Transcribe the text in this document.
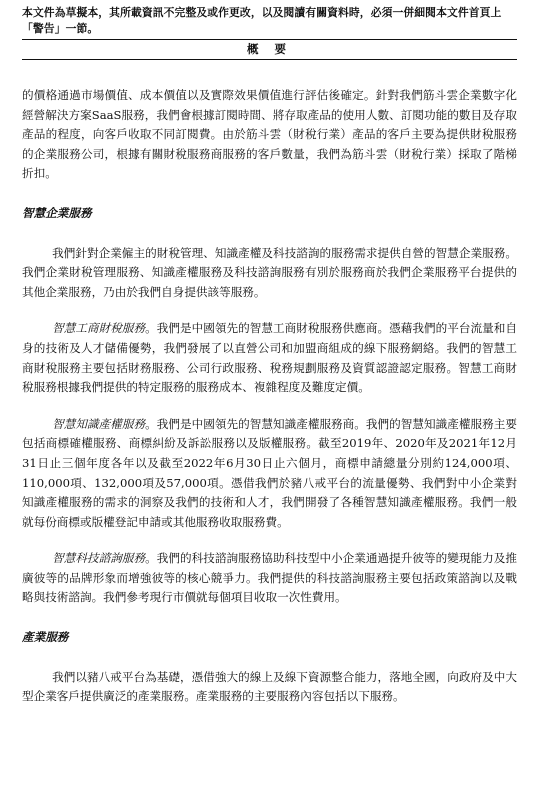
本文件為草擬本，其所載資訊不完整及或作更改，以及閱讀有關資料時，必須一併細閱本文件首頁上「警告」一節。
概 要

的價格通過市場價值、成本價值以及實際效果價值進行評估後確定。針對我們筋斗雲企業數字化經營解決方案SaaS服務，我們會根據訂閱時間、將存取產品的使用人數、訂閱功能的數目及存取產品的程度，向客戶收取不同訂閱費。由於筋斗雲（財稅行業）產品的客戶主要為提供財稅服務的企業服務公司，根據有關財稅服務商服務的客戶數量，我們為筋斗雲（財稅行業）採取了階梯折扣。

智慧企業服務

我們針對企業僱主的財稅管理、知識產權及科技諮詢的服務需求提供自營的智慧企業服務。我們企業財稅管理服務、知識產權服務及科技諮詢服務有別於服務商於我們企業服務平台提供的其他企業服務，乃由於我們自身提供該等服務。

智慧工商財稅服務。我們是中國領先的智慧工商財稅服務供應商。憑藉我們的平台流量和自身的技術及人才儲備優勢，我們發展了以直營公司和加盟商組成的線下服務網絡。我們的智慧工商財稅服務主要包括財務服務、公司行政服務、稅務規劃服務及資質認證認定服務。智慧工商財稅服務根據我們提供的特定服務的服務成本、複雜程度及難度定價。

智慧知識產權服務。我們是中國領先的智慧知識產權服務商。我們的智慧知識產權服務主要包括商標確權服務、商標糾紛及訴訟服務以及版權服務。截至2019年、2020年及2021年12月31日止三個年度各年以及截至2022年6月30日止六個月，商標申請總量分別約124,000項、110,000項、132,000項及57,000項。憑借我們於豬八戒平台的流量優勢、我們對中小企業對知識產權服務的需求的洞察及我們的技術和人才，我們開發了各種智慧知識產權服務。我們一般就每份商標或版權登記申請或其他服務收取服務費。

智慧科技諮詢服務。我們的科技諮詢服務協助科技型中小企業通過提升彼等的變現能力及推廣彼等的品牌形象而增強彼等的核心競爭力。我們提供的科技諮詢服務主要包括政策諮詢以及戰略與技術諮詢。我們參考現行市價就每個項目收取一次性費用。

產業服務

我們以豬八戒平台為基礎，憑借強大的線上及線下資源整合能力，落地全國，向政府及中大型企業客戶提供廣泛的產業服務。產業服務的主要服務內容包括以下服務。
